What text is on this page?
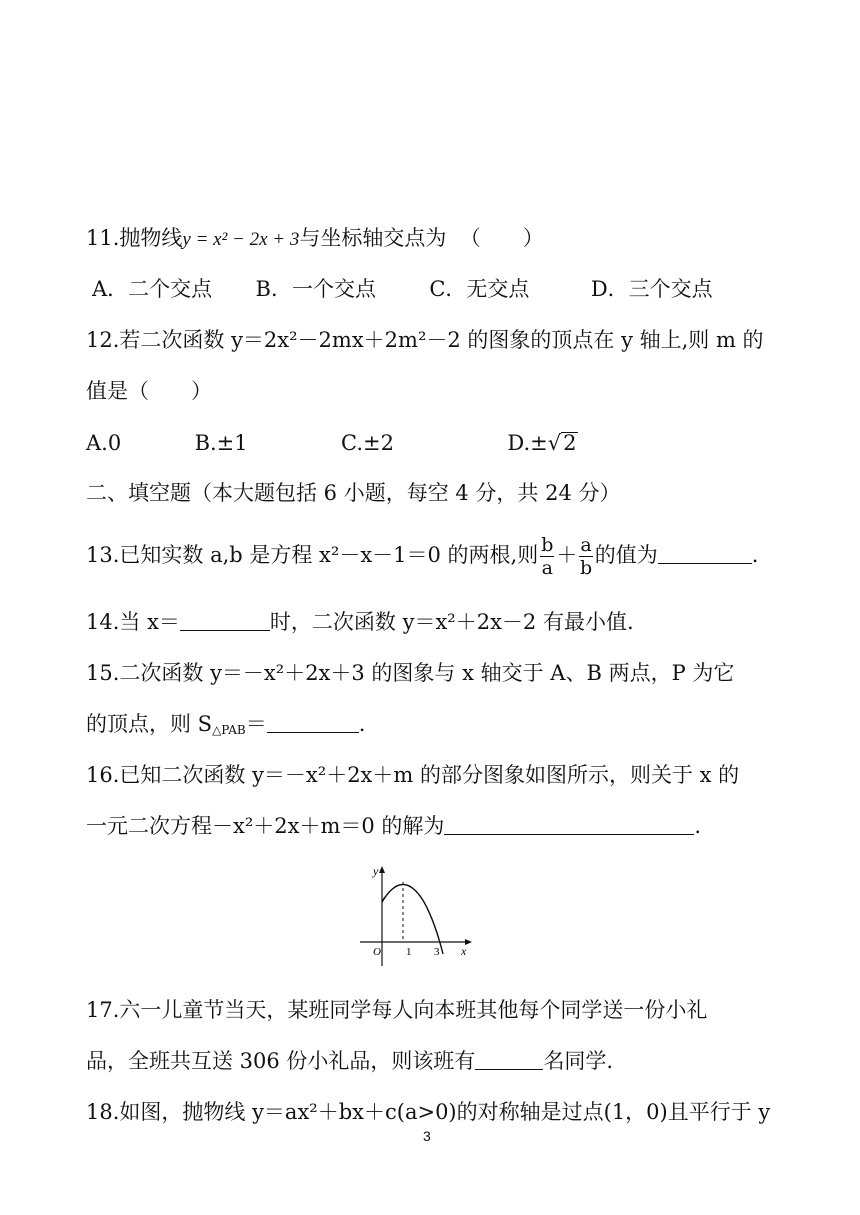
11.抛物线y = x² − 2x + 3与坐标轴交点为 （　　）
A．二个交点 B．一个交点	C．无交点	D．三个交点
12.若二次函数 y＝2x²－2mx＋2m²－2 的图象的顶点在 y 轴上,则 m 的
值是（　　）
A.0	B.±1	C.±2	D.±√2
二、填空题（本大题包括 6 小题，每空 4 分，共 24 分）
13.已知实数 a,b 是方程 x²－x－1＝0 的两根,则 $\frac{b}{a} + \frac{a}{b}$ 的值为	.
14.当 x＝	时，二次函数 y＝x²＋2x－2 有最小值.
15.二次函数 y＝－x²＋2x＋3 的图象与 x 轴交于 A、B 两点，P 为它
的顶点，则 $S_{\triangle PAB}=$	.
16.已知二次函数 y＝－x²＋2x＋m 的部分图象如图所示，则关于 x 的
一元二次方程－x²＋2x＋m＝0 的解为	.
y
x
O 1 3
17.六一儿童节当天，某班同学每人向本班其他每个同学送一份小礼
品，全班共互送 306 份小礼品，则该班有	名同学.
18.如图，抛物线 y＝ax²＋bx＋c(a>0)的对称轴是过点(1，0)且平行于 y
3
